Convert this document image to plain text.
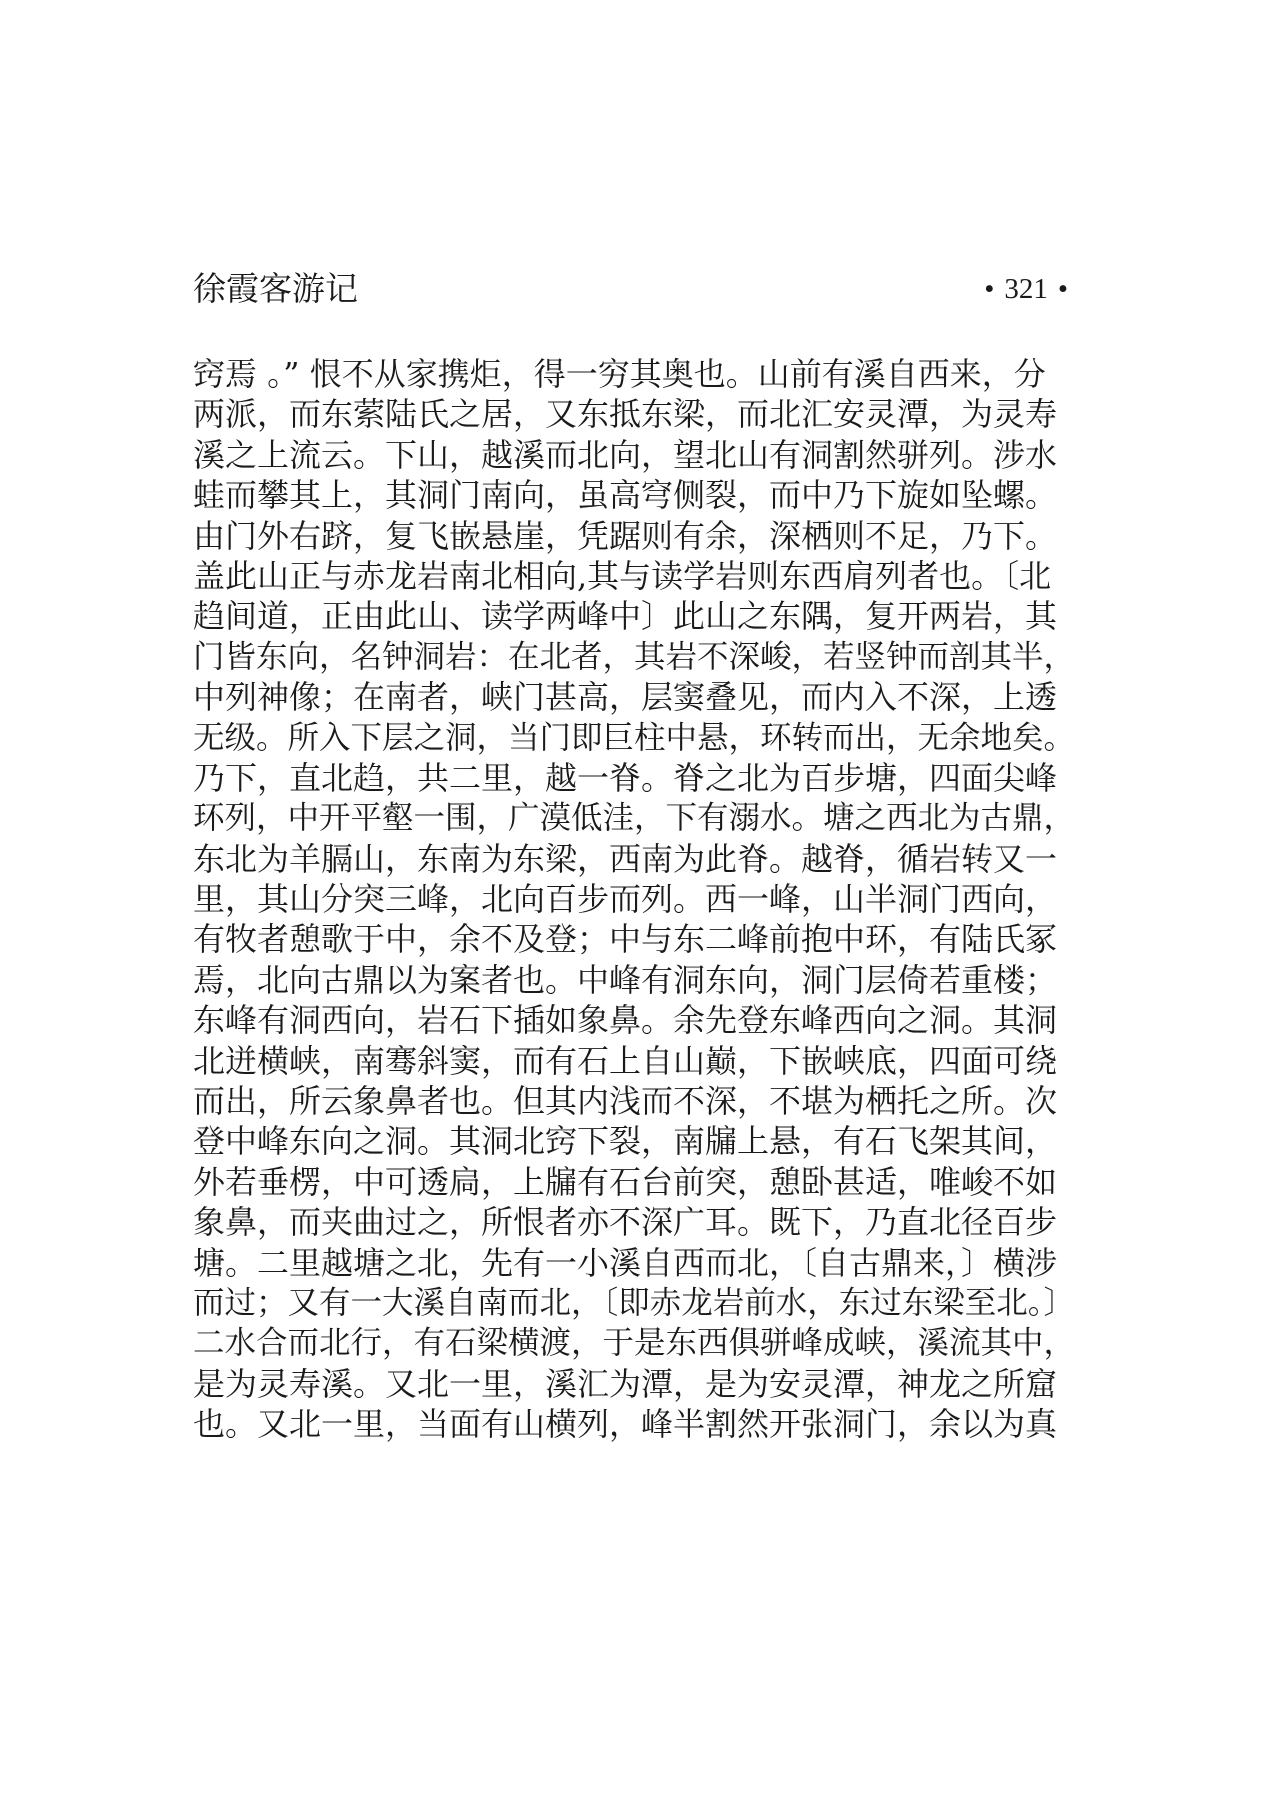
徐霞客游记	• 321 •
窍焉 。” 恨不从家携炬，得一穷其奥也。山前有溪自西来，分
两派，而东萦陆氏之居，又东抵东梁，而北汇安灵潭，为灵寿
溪之上流云。下山，越溪而北向，望北山有洞割然骈列。涉水
蛙而攀其上，其洞门南向，虽高穹侧裂，而中乃下旋如坠螺。
由门外右跻，复飞嵌悬崖，凭踞则有余，深栖则不足，乃下。
盖此山正与赤龙岩南北相向,其与读学岩则东西肩列者也。〔北
趋间道，正由此山、读学两峰中〕此山之东隅，复开两岩，其
门皆东向，名钟洞岩：在北者，其岩不深峻，若竖钟而剖其半，
中列神像；在南者，峡门甚高，层窦叠见，而内入不深，上透
无级。所入下层之洞，当门即巨柱中悬，环转而出，无余地矣。
乃下，直北趋，共二里，越一脊。脊之北为百步塘，四面尖峰
环列，中开平壑一围，广漠低洼，下有溺水。塘之西北为古鼎，
东北为羊膈山，东南为东梁，西南为此脊。越脊，循岩转又一
里，其山分突三峰，北向百步而列。西一峰，山半洞门西向，
有牧者憩歌于中，余不及登；中与东二峰前抱中环，有陆氏冢
焉，北向古鼎以为案者也。中峰有洞东向，洞门层倚若重楼；
东峰有洞西向，岩石下插如象鼻。余先登东峰西向之洞。其洞
北迸横峡，南骞斜窦，而有石上自山巅，下嵌峡底，四面可绕
而出，所云象鼻者也。但其内浅而不深，不堪为栖托之所。次
登中峰东向之洞。其洞北窍下裂，南牖上悬，有石飞架其间，
外若垂楞，中可透扃，上牖有石台前突，憩卧甚适，唯峻不如
象鼻，而夹曲过之，所恨者亦不深广耳。既下，乃直北径百步
塘。二里越塘之北，先有一小溪自西而北，〔自古鼎来，〕横涉
而过；又有一大溪自南而北，〔即赤龙岩前水，东过东梁至北。〕
二水合而北行，有石梁横渡，于是东西俱骈峰成峡，溪流其中，
是为灵寿溪。又北一里，溪汇为潭，是为安灵潭，神龙之所窟
也。又北一里，当面有山横列，峰半割然开张洞门，余以为真
